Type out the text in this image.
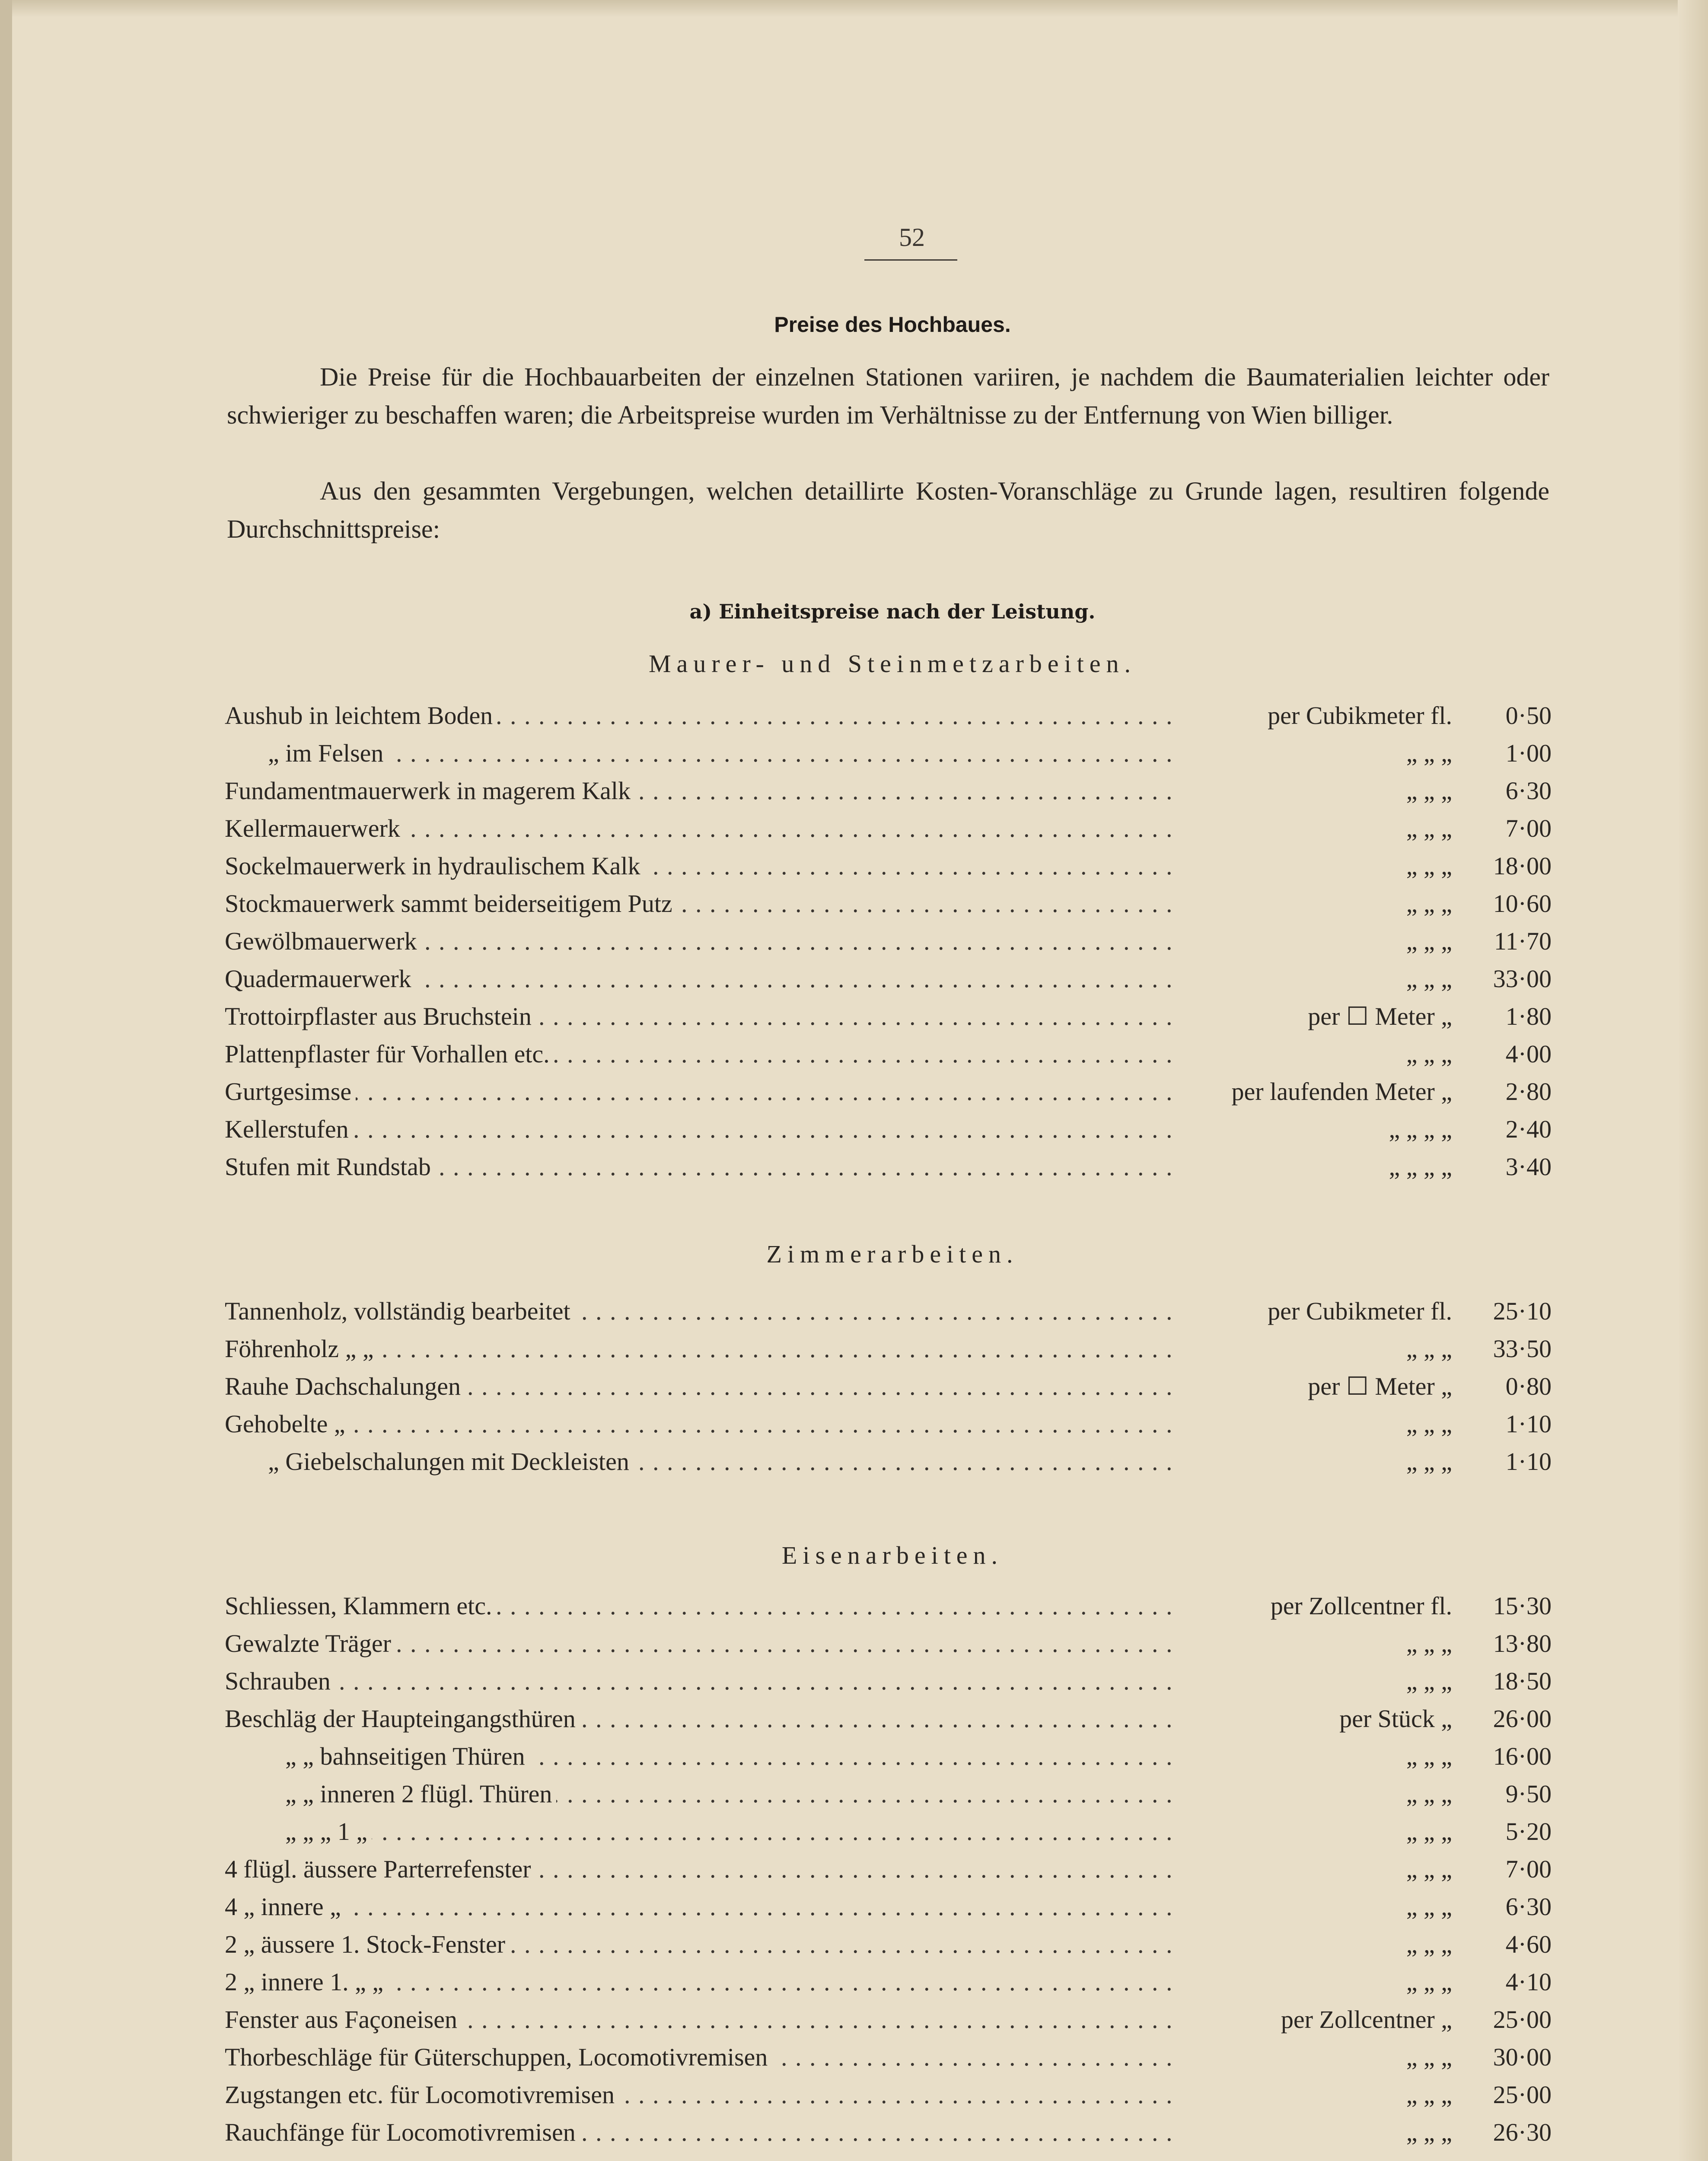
52
Preise des Hochbaues.
Die Preise für die Hochbauarbeiten der einzelnen Stationen variiren, je nachdem die Baumaterialien leichter oder schwieriger zu beschaffen waren; die Arbeitspreise wurden im Verhältnisse zu der Entfernung von Wien billiger.
Aus den gesammten Vergebungen, welchen detaillirte Kosten-Voranschläge zu Grunde lagen, resultiren folgende Durchschnittspreise:
a) Einheitspreise nach der Leistung.
Maurer- und Steinmetzarbeiten.
. . . Aushub in leichtem Boden	per Cubikmeter fl.	0·50
. . . „ im Felsen	„ „ „	1·00
. . . Fundamentmauerwerk in magerem Kalk	„ „ „	6·30
. . . Kellermauerwerk	„ „ „	7·00
. . . Sockelmauerwerk in hydraulischem Kalk	„ „ „	18·00
. . . Stockmauerwerk sammt beiderseitigem Putz	„ „ „	10·60
. . . Gewölbmauerwerk	„ „ „	11·70
. . . Quadermauerwerk	„ „ „	33·00
. . . Trottoirpflaster aus Bruchstein	per ☐ Meter „	1·80
. . . Plattenpflaster für Vorhallen etc.	„ „ „	4·00
. . . Gurtgesimse	per laufenden Meter „	2·80
. . . Kellerstufen	„ „ „ „	2·40
. . . Stufen mit Rundstab	„ „ „ „	3·40
Zimmerarbeiten.
. . . Tannenholz, vollständig bearbeitet	per Cubikmeter fl.	25·10
. . . Föhrenholz „ „	„ „ „	33·50
. . . Rauhe Dachschalungen	per ☐ Meter „	0·80
. . . Gehobelte „	„ „ „	1·10
. . . „ Giebelschalungen mit Deckleisten	„ „ „	1·10
Eisenarbeiten.
. . . Schliessen, Klammern etc.	per Zollcentner fl.	15·30
. . . Gewalzte Träger	„ „ „	13·80
. . . Schrauben	„ „ „	18·50
. . . Beschläg der Haupteingangsthüren	per Stück „	26·00
. . . „ „ bahnseitigen Thüren	„ „ „	16·00
. . . „ „ inneren 2 flügl. Thüren	„ „ „	9·50
. . . „ „ „ 1 „	„ „ „	5·20
. . . 4 flügl. äussere Parterrefenster	„ „ „	7·00
. . . 4 „ innere „	„ „ „	6·30
. . . 2 „ äussere 1. Stock-Fenster	„ „ „	4·60
. . . 2 „ innere 1. „ „	„ „ „	4·10
. . . Fenster aus Façoneisen	per Zollcentner „	25·00
. . . Thorbeschläge für Güterschuppen, Locomotivremisen	„ „ „	30·00
. . . Zugstangen etc. für Locomotivremisen	„ „ „	25·00
. . . Rauchfänge für Locomotivremisen	„ „ „	26·30
